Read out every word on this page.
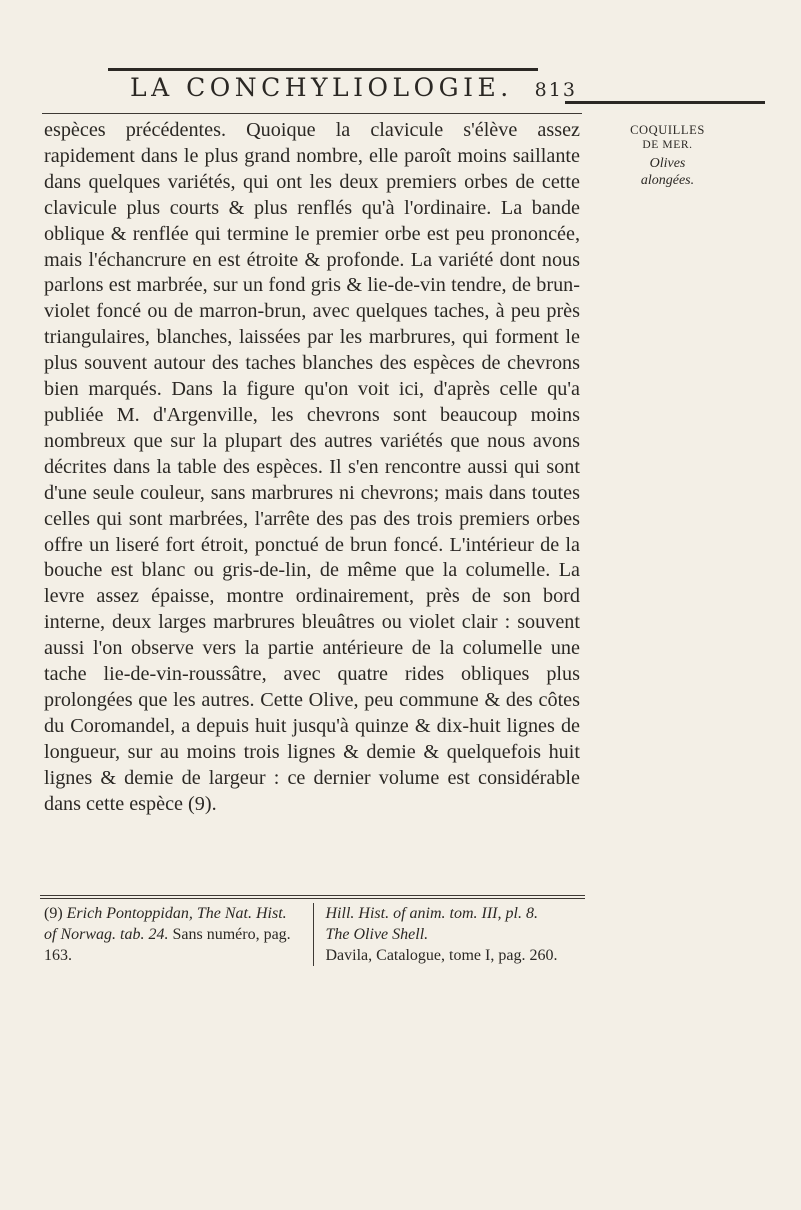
LA CONCHYLIOLOGIE. 813
COQUILLES
DE MER.
Olives
alongées.

espèces précédentes. Quoique la clavicule s'élève assez rapidement dans le plus grand nombre, elle paroît moins saillante dans quelques variétés, qui ont les deux premiers orbes de cette clavicule plus courts & plus renflés qu'à l'ordinaire. La bande oblique & renflée qui termine le premier orbe est peu prononcée, mais l'échancrure en est étroite & profonde. La variété dont nous parlons est marbrée, sur un fond gris & lie-de-vin tendre, de brun-violet foncé ou de marron-brun, avec quelques taches, à peu près triangulaires, blanches, laissées par les marbrures, qui forment le plus souvent autour des taches blanches des espèces de chevrons bien marqués. Dans la figure qu'on voit ici, d'après celle qu'a publiée M. d'Argenville, les chevrons sont beaucoup moins nombreux que sur la plupart des autres variétés que nous avons décrites dans la table des espèces. Il s'en rencontre aussi qui sont d'une seule couleur, sans marbrures ni chevrons; mais dans toutes celles qui sont marbrées, l'arrête des pas des trois premiers orbes offre un liseré fort étroit, ponctué de brun foncé. L'intérieur de la bouche est blanc ou gris-de-lin, de même que la columelle. La levre assez épaisse, montre ordinairement, près de son bord interne, deux larges marbrures bleuâtres ou violet clair : souvent aussi l'on observe vers la partie antérieure de la columelle une tache lie-de-vin-roussâtre, avec quatre rides obliques plus prolongées que les autres. Cette Olive, peu commune & des côtes du Coromandel, a depuis huit jusqu'à quinze & dix-huit lignes de longueur, sur au moins trois lignes & demie & quelquefois huit lignes & demie de largeur : ce dernier volume est considérable dans cette espèce (9).

(9) Erich Pontoppidan, The Nat. Hist. of Norwag. tab. 24. Sans numéro, pag. 163.
Hill. Hist. of anim. tom. III, pl. 8.
The Olive Shell.
Davila, Catalogue, tome I, pag. 260.
